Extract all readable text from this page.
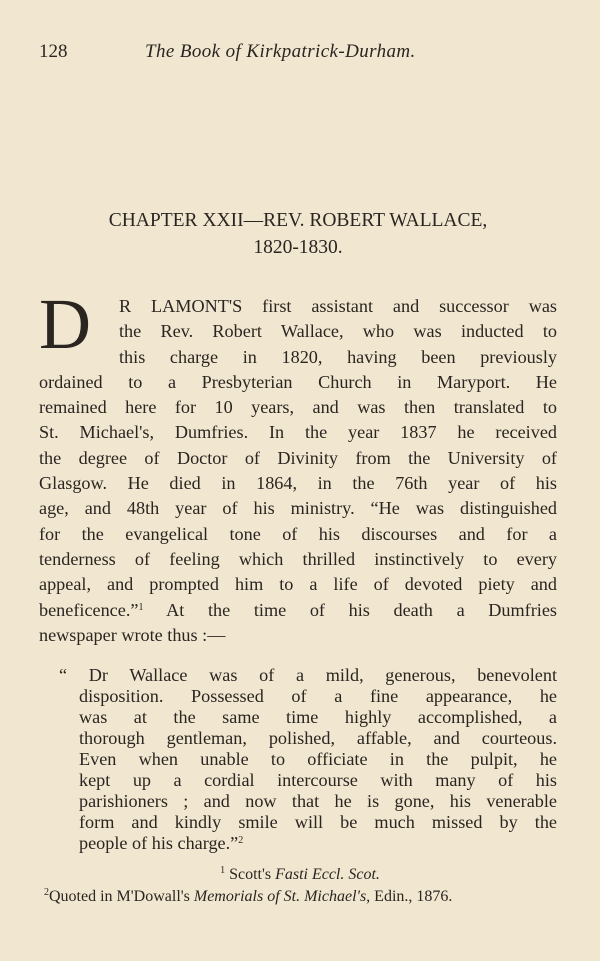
128	The Book of Kirkpatrick-Durham.
CHAPTER XXII—REV. ROBERT WALLACE,
1820-1830.
D	R LAMONT'S first assistant and successor was
the Rev. Robert Wallace, who was inducted to
this charge in 1820, having been previously
ordained to a Presbyterian Church in Maryport. He
remained here for 10 years, and was then translated to
St. Michael's, Dumfries. In the year 1837 he received
the degree of Doctor of Divinity from the University of
Glasgow. He died in 1864, in the 76th year of his
age, and 48th year of his ministry. “He was distinguished
for the evangelical tone of his discourses and for a
tenderness of feeling which thrilled instinctively to every
appeal, and prompted him to a life of devoted piety and
beneficence.”$^1$ At the time of his death a Dumfries
newspaper wrote thus :—
“ Dr Wallace was of a mild, generous, benevolent
disposition. Possessed of a fine appearance, he
was at the same time highly accomplished, a
thorough gentleman, polished, affable, and courteous.
Even when unable to officiate in the pulpit, he
kept up a cordial intercourse with many of his
parishioners ; and now that he is gone, his venerable
form and kindly smile will be much missed by the
people of his charge.”$^2$
$^1$ Scott's Fasti Eccl. Scot.
$^2$Quoted in M'Dowall's Memorials of St. Michael's, Edin., 1876.
